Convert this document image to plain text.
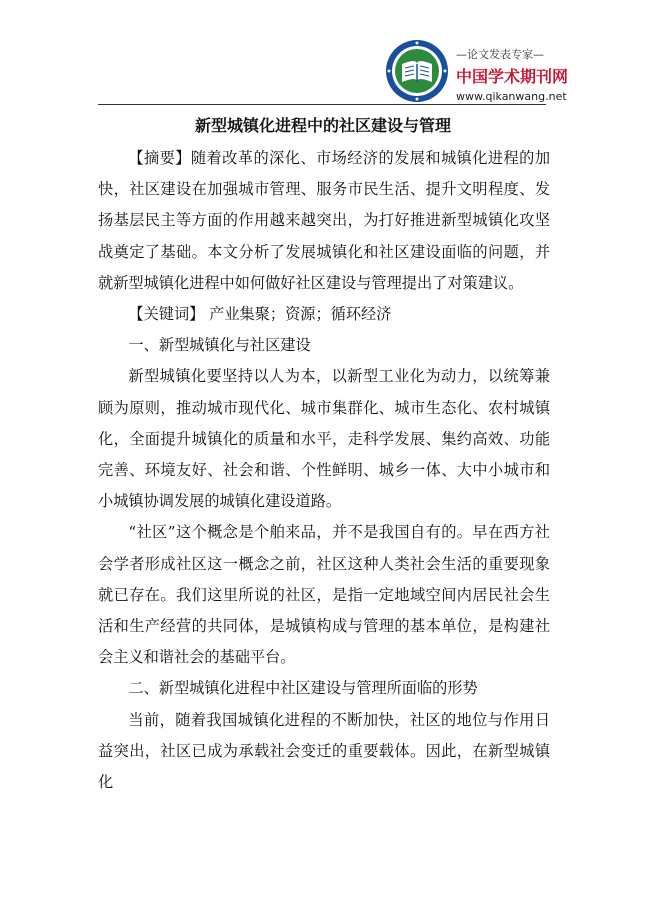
—论文发表专家—
中国学术期刊网
www.qikanwang.net
新型城镇化进程中的社区建设与管理

【摘要】随着改革的深化、市场经济的发展和城镇化进程的加快，社区建设在加强城市管理、服务市民生活、提升文明程度、发扬基层民主等方面的作用越来越突出，为打好推进新型城镇化攻坚战奠定了基础。本文分析了发展城镇化和社区建设面临的问题，并就新型城镇化进程中如何做好社区建设与管理提出了对策建议。

【关键词】 产业集聚；资源；循环经济

一、新型城镇化与社区建设

新型城镇化要坚持以人为本，以新型工业化为动力，以统筹兼顾为原则，推动城市现代化、城市集群化、城市生态化、农村城镇化，全面提升城镇化的质量和水平，走科学发展、集约高效、功能完善、环境友好、社会和谐、个性鲜明、城乡一体、大中小城市和小城镇协调发展的城镇化建设道路。

“社区”这个概念是个舶来品，并不是我国自有的。早在西方社会学者形成社区这一概念之前，社区这种人类社会生活的重要现象就已存在。我们这里所说的社区，是指一定地域空间内居民社会生活和生产经营的共同体，是城镇构成与管理的基本单位，是构建社会主义和谐社会的基础平台。

二、新型城镇化进程中社区建设与管理所面临的形势

当前，随着我国城镇化进程的不断加快，社区的地位与作用日益突出，社区已成为承载社会变迁的重要载体。因此，在新型城镇化
